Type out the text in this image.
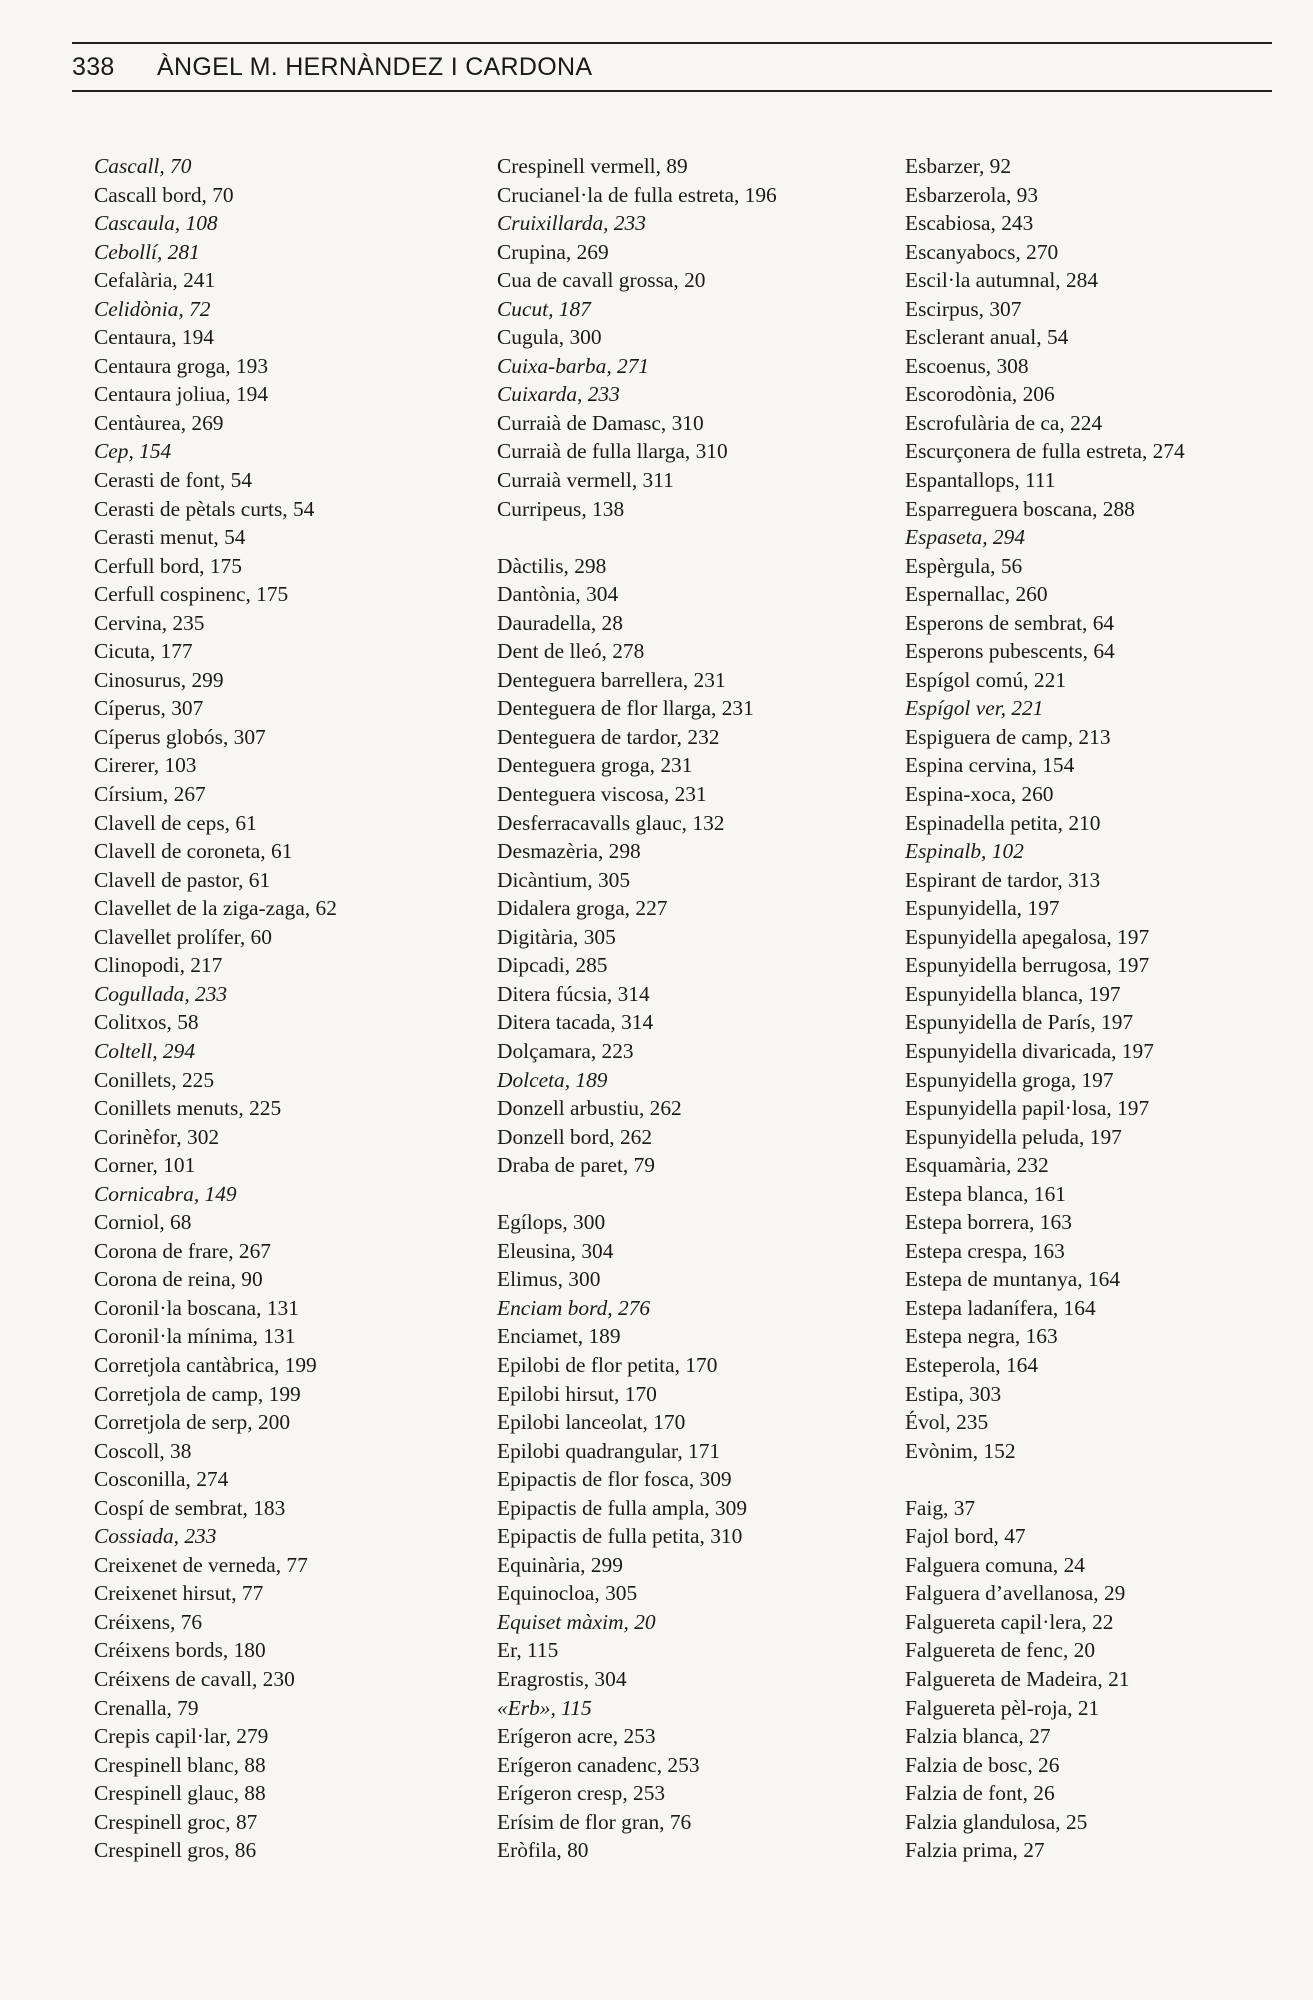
338	ÀNGEL M. HERNÀNDEZ I CARDONA
Cascall, 70
Cascall bord, 70
Cascaula, 108
Cebollí, 281
Cefalària, 241
Celidònia, 72
Centaura, 194
Centaura groga, 193
Centaura joliua, 194
Centàurea, 269
Cep, 154
Cerasti de font, 54
Cerasti de pètals curts, 54
Cerasti menut, 54
Cerfull bord, 175
Cerfull cospinenc, 175
Cervina, 235
Cicuta, 177
Cinosurus, 299
Cíperus, 307
Cíperus globós, 307
Cirerer, 103
Círsium, 267
Clavell de ceps, 61
Clavell de coroneta, 61
Clavell de pastor, 61
Clavellet de la ziga-zaga, 62
Clavellet prolífer, 60
Clinopodi, 217
Cogullada, 233
Colitxos, 58
Coltell, 294
Conillets, 225
Conillets menuts, 225
Corinèfor, 302
Corner, 101
Cornicabra, 149
Corniol, 68
Corona de frare, 267
Corona de reina, 90
Coronil·la boscana, 131
Coronil·la mínima, 131
Corretjola cantàbrica, 199
Corretjola de camp, 199
Corretjola de serp, 200
Coscoll, 38
Cosconilla, 274
Cospí de sembrat, 183
Cossiada, 233
Creixenet de verneda, 77
Creixenet hirsut, 77
Créixens, 76
Créixens bords, 180
Créixens de cavall, 230
Crenalla, 79
Crepis capil·lar, 279
Crespinell blanc, 88
Crespinell glauc, 88
Crespinell groc, 87
Crespinell gros, 86
Crespinell vermell, 89
Crucianel·la de fulla estreta, 196
Cruixillarda, 233
Crupina, 269
Cua de cavall grossa, 20
Cucut, 187
Cugula, 300
Cuixa-barba, 271
Cuixarda, 233
Curraià de Damasc, 310
Curraià de fulla llarga, 310
Curraià vermell, 311
Curripeus, 138
Dàctilis, 298
Dantònia, 304
Dauradella, 28
Dent de lleó, 278
Denteguera barrellera, 231
Denteguera de flor llarga, 231
Denteguera de tardor, 232
Denteguera groga, 231
Denteguera viscosa, 231
Desferracavalls glauc, 132
Desmazèria, 298
Dicàntium, 305
Didalera groga, 227
Digitària, 305
Dipcadi, 285
Ditera fúcsia, 314
Ditera tacada, 314
Dolçamara, 223
Dolceta, 189
Donzell arbustiu, 262
Donzell bord, 262
Draba de paret, 79
Egílops, 300
Eleusina, 304
Elimus, 300
Enciam bord, 276
Enciamet, 189
Epilobi de flor petita, 170
Epilobi hirsut, 170
Epilobi lanceolat, 170
Epilobi quadrangular, 171
Epipactis de flor fosca, 309
Epipactis de fulla ampla, 309
Epipactis de fulla petita, 310
Equinària, 299
Equinocloa, 305
Equiset màxim, 20
Er, 115
Eragrostis, 304
«Erb», 115
Erígeron acre, 253
Erígeron canadenc, 253
Erígeron cresp, 253
Erísim de flor gran, 76
Eròfila, 80
Esbarzer, 92
Esbarzerola, 93
Escabiosa, 243
Escanyabocs, 270
Escil·la autumnal, 284
Escirpus, 307
Esclerant anual, 54
Escoenus, 308
Escorodònia, 206
Escrofulària de ca, 224
Escurçonera de fulla estreta, 274
Espantallops, 111
Esparreguera boscana, 288
Espaseta, 294
Espèrgula, 56
Espernallac, 260
Esperons de sembrat, 64
Esperons pubescents, 64
Espígol comú, 221
Espígol ver, 221
Espiguera de camp, 213
Espina cervina, 154
Espina-xoca, 260
Espinadella petita, 210
Espinalb, 102
Espirant de tardor, 313
Espunyidella, 197
Espunyidella apegalosa, 197
Espunyidella berrugosa, 197
Espunyidella blanca, 197
Espunyidella de París, 197
Espunyidella divaricada, 197
Espunyidella groga, 197
Espunyidella papil·losa, 197
Espunyidella peluda, 197
Esquamària, 232
Estepa blanca, 161
Estepa borrera, 163
Estepa crespa, 163
Estepa de muntanya, 164
Estepa ladanífera, 164
Estepa negra, 163
Esteperola, 164
Estipa, 303
Évol, 235
Evònim, 152
Faig, 37
Fajol bord, 47
Falguera comuna, 24
Falguera d’avellanosa, 29
Falguereta capil·lera, 22
Falguereta de fenc, 20
Falguereta de Madeira, 21
Falguereta pèl-roja, 21
Falzia blanca, 27
Falzia de bosc, 26
Falzia de font, 26
Falzia glandulosa, 25
Falzia prima, 27
